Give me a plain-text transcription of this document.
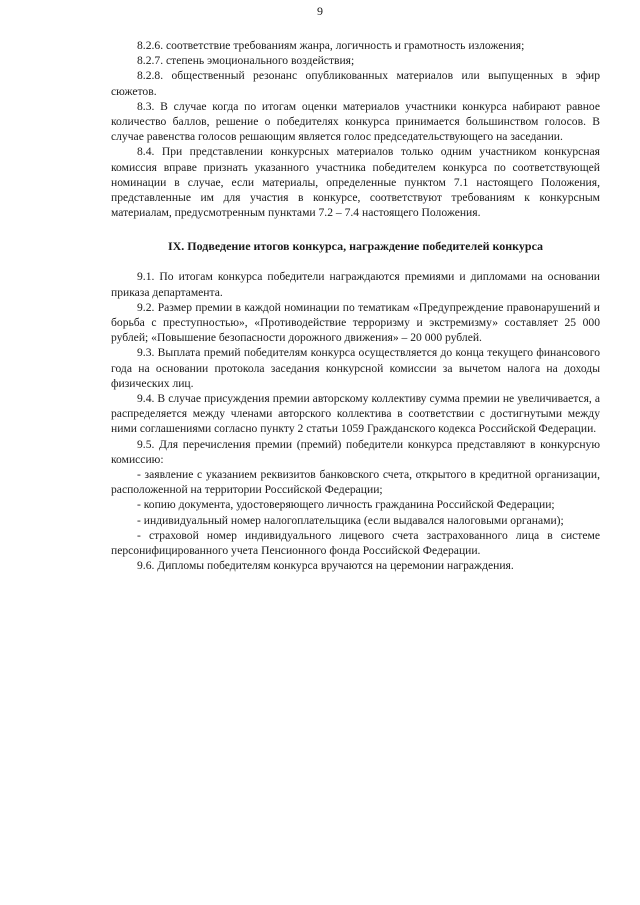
9

8.2.6. соответствие требованиям жанра, логичность и грамотность изложения;

8.2.7. степень эмоционального воздействия;

8.2.8. общественный резонанс опубликованных материалов или выпущенных в эфир сюжетов.

8.3. В случае когда по итогам оценки материалов участники конкурса набирают равное количество баллов, решение о победителях конкурса принимается большинством голосов. В случае равенства голосов решающим является голос председательствующего на заседании.

8.4. При представлении конкурсных материалов только одним участником конкурсная комиссия вправе признать указанного участника победителем конкурса по соответствующей номинации в случае, если материалы, определенные пунктом 7.1 настоящего Положения, представленные им для участия в конкурсе, соответствуют требованиям к конкурсным материалам, предусмотренным пунктами 7.2 – 7.4 настоящего Положения.

IX. Подведение итогов конкурса, награждение победителей конкурса

9.1. По итогам конкурса победители награждаются премиями и дипломами на основании приказа департамента.

9.2. Размер премии в каждой номинации по тематикам «Предупреждение правонарушений и борьба с преступностью», «Противодействие терроризму и экстремизму» составляет 25 000 рублей; «Повышение безопасности дорожного движения» – 20 000 рублей.

9.3. Выплата премий победителям конкурса осуществляется до конца текущего финансового года на основании протокола заседания конкурсной комиссии за вычетом налога на доходы физических лиц.

9.4. В случае присуждения премии авторскому коллективу сумма премии не увеличивается, а распределяется между членами авторского коллектива в соответствии с достигнутыми между ними соглашениями согласно пункту 2 статьи 1059 Гражданского кодекса Российской Федерации.

9.5. Для перечисления премии (премий) победители конкурса представляют в конкурсную комиссию:

- заявление с указанием реквизитов банковского счета, открытого в кредитной организации, расположенной на территории Российской Федерации;

- копию документа, удостоверяющего личность гражданина Российской Федерации;

- индивидуальный номер налогоплательщика (если выдавался налоговыми органами);

- страховой номер индивидуального лицевого счета застрахованного лица в системе персонифицированного учета Пенсионного фонда Российской Федерации.

9.6. Дипломы победителям конкурса вручаются на церемонии награждения.
